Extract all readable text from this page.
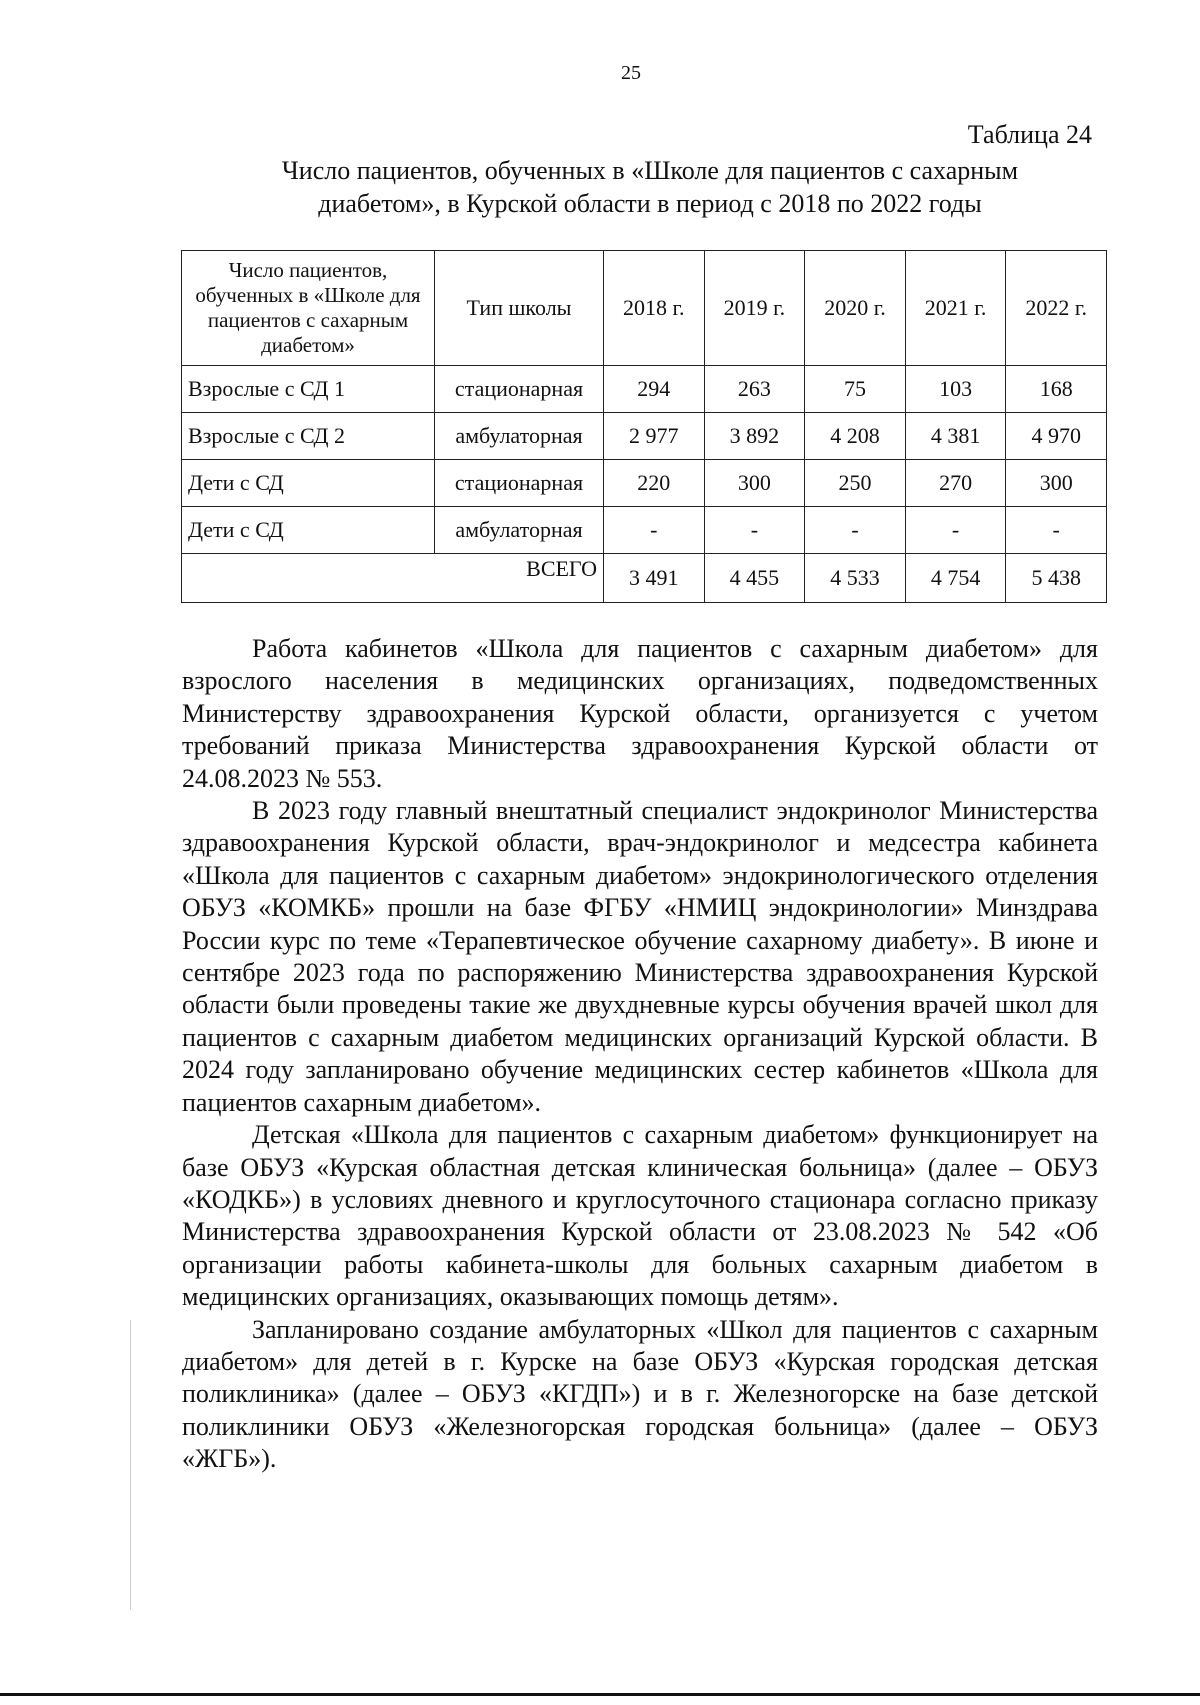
25
Таблица 24
Число пациентов, обученных в «Школе для пациентов с сахарным
диабетом», в Курской области в период с 2018 по 2022 годы
Число пациентов, обученных в «Школе для пациентов с сахарным диабетом»	Тип школы	2018 г.	2019 г.	2020 г.	2021 г.	2022 г.
Взрослые с СД 1	стационарная	294	263	75	103	168
Взрослые с СД 2	амбулаторная	2 977	3 892	4 208	4 381	4 970
Дети с СД	стационарная	220	300	250	270	300
Дети с СД	амбулаторная	-	-	-	-	-
ВСЕГО		3 491	4 455	4 533	4 754	5 438

Работа кабинетов «Школа для пациентов с сахарным диабетом» для взрослого населения в медицинских организациях, подведомственных Министерству здравоохранения Курской области, организуется с учетом требований приказа Министерства здравоохранения Курской области от 24.08.2023 № 553.

В 2023 году главный внештатный специалист эндокринолог Министерства здравоохранения Курской области, врач-эндокринолог и медсестра кабинета «Школа для пациентов с сахарным диабетом» эндокринологического отделения ОБУЗ «КОМКБ» прошли на базе ФГБУ «НМИЦ эндокринологии» Минздрава России курс по теме «Терапевтическое обучение сахарному диабету». В июне и сентябре 2023 года по распоряжению Министерства здравоохранения Курской области были проведены такие же двухдневные курсы обучения врачей школ для пациентов с сахарным диабетом медицинских организаций Курской области. В 2024 году запланировано обучение медицинских сестер кабинетов «Школа для пациентов сахарным диабетом».

Детская «Школа для пациентов с сахарным диабетом» функционирует на базе ОБУЗ «Курская областная детская клиническая больница» (далее – ОБУЗ «КОДКБ») в условиях дневного и круглосуточного стационара согласно приказу Министерства здравоохранения Курской области от 23.08.2023 № 542 «Об организации работы кабинета-школы для больных сахарным диабетом в медицинских организациях, оказывающих помощь детям».

Запланировано создание амбулаторных «Школ для пациентов с сахарным диабетом» для детей в г. Курске на базе ОБУЗ «Курская городская детская поликлиника» (далее – ОБУЗ «КГДП») и в г. Железногорске на базе детской поликлиники ОБУЗ «Железногорская городская больница» (далее – ОБУЗ «ЖГБ»).
